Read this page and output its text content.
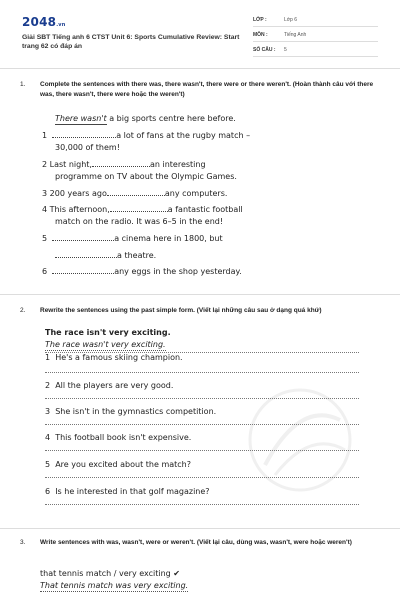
2048.vn
Giải SBT Tiếng anh 6 CTST Unit 6: Sports Cumulative Review: Start trang 62 có đáp án
LỚP :	Lớp 6
MÔN :	Tiếng Anh
SỐ CÂU : 5
1. Complete the sentences with there was, there wasn't, there were or there weren't. (Hoàn thành câu với there was, there wasn't, there were hoặc the weren't)
There wasn't a big sports centre here before.
1	a lot of fans at the rugby match –
30,000 of them!
2 Last night,	an interesting
programme on TV about the Olympic Games.
3 200 years ago	any computers.
4 This afternoon,	a fantastic football
match on the radio. It was 6–5 in the end!
5	a cinema here in 1800, but
a theatre.
6	any eggs in the shop yesterday.
2. Rewrite the sentences using the past simple form. (Viết lại những câu sau ở dạng quá khứ)
The race isn't very exciting.
The race wasn't very exciting.
1 He's a famous skiing champion.
2 All the players are very good.
3 She isn't in the gymnastics competition.
4 This football book isn't expensive.
5 Are you excited about the match?
6 Is he interested in that golf magazine?
3. Write sentences with was, wasn't, were or weren't. (Viết lại câu, dùng was, wasn't, were hoặc weren't)
that tennis match / very exciting ✔
That tennis match was very exciting.
